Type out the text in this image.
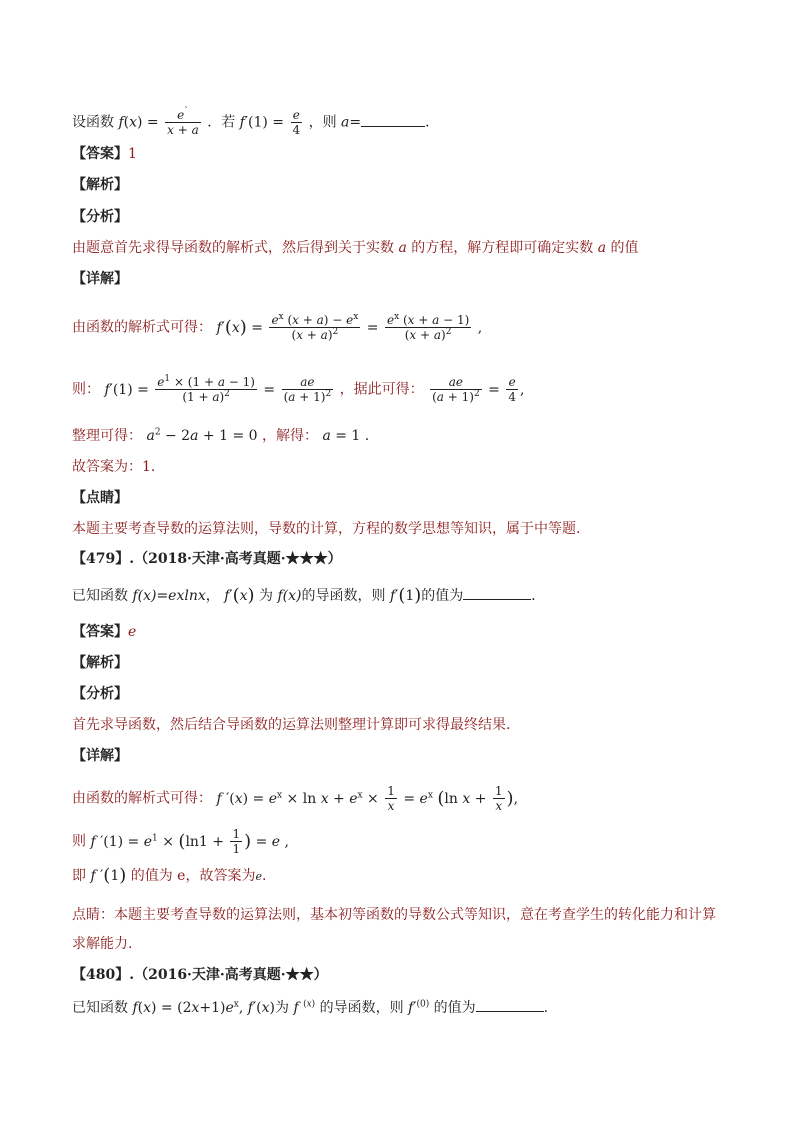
设函数 $f(x) = \frac{e^`}{x + a}$ ．若 $f'(1) = \frac{e}{4}$ ，则 a=	．
【答案】1
【解析】
【分析】
由题意首先求得导函数的解析式，然后得到关于实数 a 的方程，解方程即可确定实数 a 的值
【详解】
由函数的解析式可得： $f'(x) = \frac{e^x (x + a) - e^x}{(x + a)^2} = \frac{e^x (x + a - 1)}{(x + a)^2}$ ,
则： $f'(1) = \frac{e^1 \times (1 + a - 1)}{(1 + a)^2} = \frac{ae}{(a + 1)^2}$ ，据此可得： $\frac{ae}{(a + 1)^2} = \frac{e}{4}$ ,
整理可得： $a^2 - 2a + 1 = 0$ ，解得： a = 1 .
故答案为：1.
【点睛】
本题主要考查导数的运算法则，导数的计算，方程的数学思想等知识，属于中等题.
【479】.（2018·天津·高考真题·★★★）
已知函数 f(x)=exlnx， f′(x) 为 f(x)的导函数，则 f′(1)的值为	．
【答案】e
【解析】
【分析】
首先求导函数，然后结合导函数的运算法则整理计算即可求得最终结果.
【详解】
由函数的解析式可得： f $'(x) = e^x \times \ln x + e^x \times \frac{1}{x} = e^x$ (ln $x + \frac{1}{x}$ ),
则 f $'(1) = e^1 \times (\ln 1 + \frac{1}{1}$ ) = e ,
即 f ′(1) 的值为 e，故答案为e.
点睛：本题主要考查导数的运算法则，基本初等函数的导数公式等知识，意在考查学生的转化能力和计算
求解能力.
【480】.（2016·天津·高考真题·★★）
已知函数 $f(x) = (2x+1)e^x$, f′(x)为 f $^{(x)}$ 的导函数，则 $f'^{(0)}$ 的值为	.
